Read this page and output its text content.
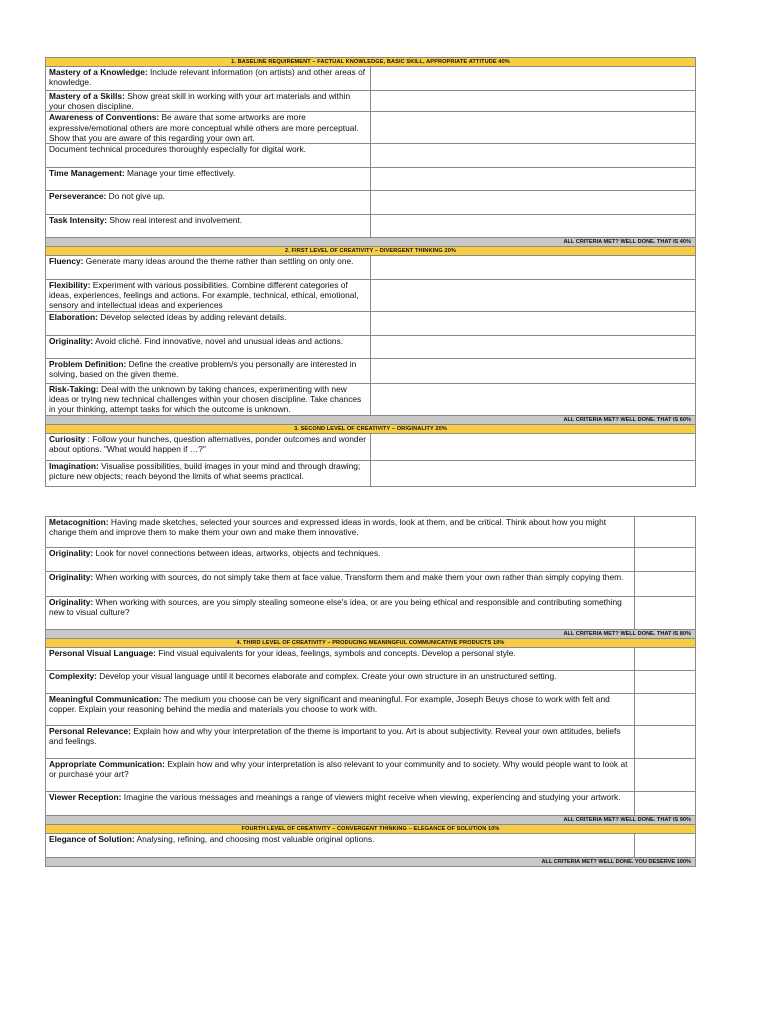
1. BASELINE REQUIREMENT – FACTUAL KNOWLEDGE, BASIC SKILL, APPROPRIATE ATTITUDE 40%	
Mastery of a Knowledge: Include relevant information (on artists) and other areas of knowledge.	
Mastery of a Skills: Show great skill in working with your art materials and within your chosen discipline.	
Awareness of Conventions: Be aware that some artworks are more expressive/emotional others are more conceptual while others are more perceptual. Show that you are aware of this regarding your own art.	
Document technical procedures thoroughly especially for digital work.	
Time Management: Manage your time effectively.	
Perseverance: Do not give up.	
Task Intensity: Show real interest and involvement.	
ALL CRITERIA MET? WELL DONE. THAT IS 40%	
2. FIRST LEVEL OF CREATIVITY – DIVERGENT THINKING 20%	
Fluency: Generate many ideas around the theme rather than settling on only one.	
Flexibility: Experiment with various possibilities. Combine different categories of ideas, experiences, feelings and actions. For example, technical, ethical, emotional, sensory and intellectual ideas and experiences	
Elaboration: Develop selected ideas by adding relevant details.	
Originality: Avoid cliché. Find innovative, novel and unusual ideas and actions.	
Problem Definition: Define the creative problem/s you personally are interested in solving, based on the given theme.	
Risk-Taking: Deal with the unknown by taking chances, experimenting with new ideas or trying new technical challenges within your chosen discipline. Take chances in your thinking, attempt tasks for which the outcome is unknown.	
ALL CRITERIA MET? WELL DONE. THAT IS 60%	
3. SECOND LEVEL OF CREATIVITY – ORIGINALITY 20%	
Curiosity : Follow your hunches, question alternatives, ponder outcomes and wonder about options. "What would happen if …?"	
Imagination: Visualise possibilities, build images in your mind and through drawing; picture new objects; reach beyond the limits of what seems practical.	
Metacognition: Having made sketches, selected your sources and expressed ideas in words, look at them, and be critical. Think about how you might change them and improve them to make them your own and make them innovative.	
Originality: Look for novel connections between ideas, artworks, objects and techniques.	
Originality: When working with sources, do not simply take them at face value. Transform them and make them your own rather than simply copying them.	
Originality: When working with sources, are you simply stealing someone else's idea, or are you being ethical and responsible and contributing something new to visual culture?	
ALL CRITERIA MET? WELL DONE. THAT IS 80%	
4. THIRD LEVEL OF CREATIVITY – PRODUCING MEANINGFUL COMMUNICATIVE PRODUCTS 10%	
Personal Visual Language: Find visual equivalents for your ideas, feelings, symbols and concepts. Develop a personal style.	
Complexity: Develop your visual language until it becomes elaborate and complex. Create your own structure in an unstructured setting.	
Meaningful Communication: The medium you choose can be very significant and meaningful. For example, Joseph Beuys chose to work with felt and copper. Explain your reasoning behind the media and materials you choose to work with.	
Personal Relevance: Explain how and why your interpretation of the theme is important to you. Art is about subjectivity. Reveal your own attitudes, beliefs and feelings.	
Appropriate Communication: Explain how and why your interpretation is also relevant to your community and to society. Why would people want to look at or purchase your art?	
Viewer Reception: Imagine the various messages and meanings a range of viewers might receive when viewing, experiencing and studying your artwork.	
ALL CRITERIA MET? WELL DONE. THAT IS 90%	
FOURTH LEVEL OF CREATIVITY – CONVERGENT THINKING – ELEGANCE OF SOLUTION 10%	
Elegance of Solution: Analysing, refining, and choosing most valuable original options.	
ALL CRITERIA MET? WELL DONE. YOU DESERVE 100%	
